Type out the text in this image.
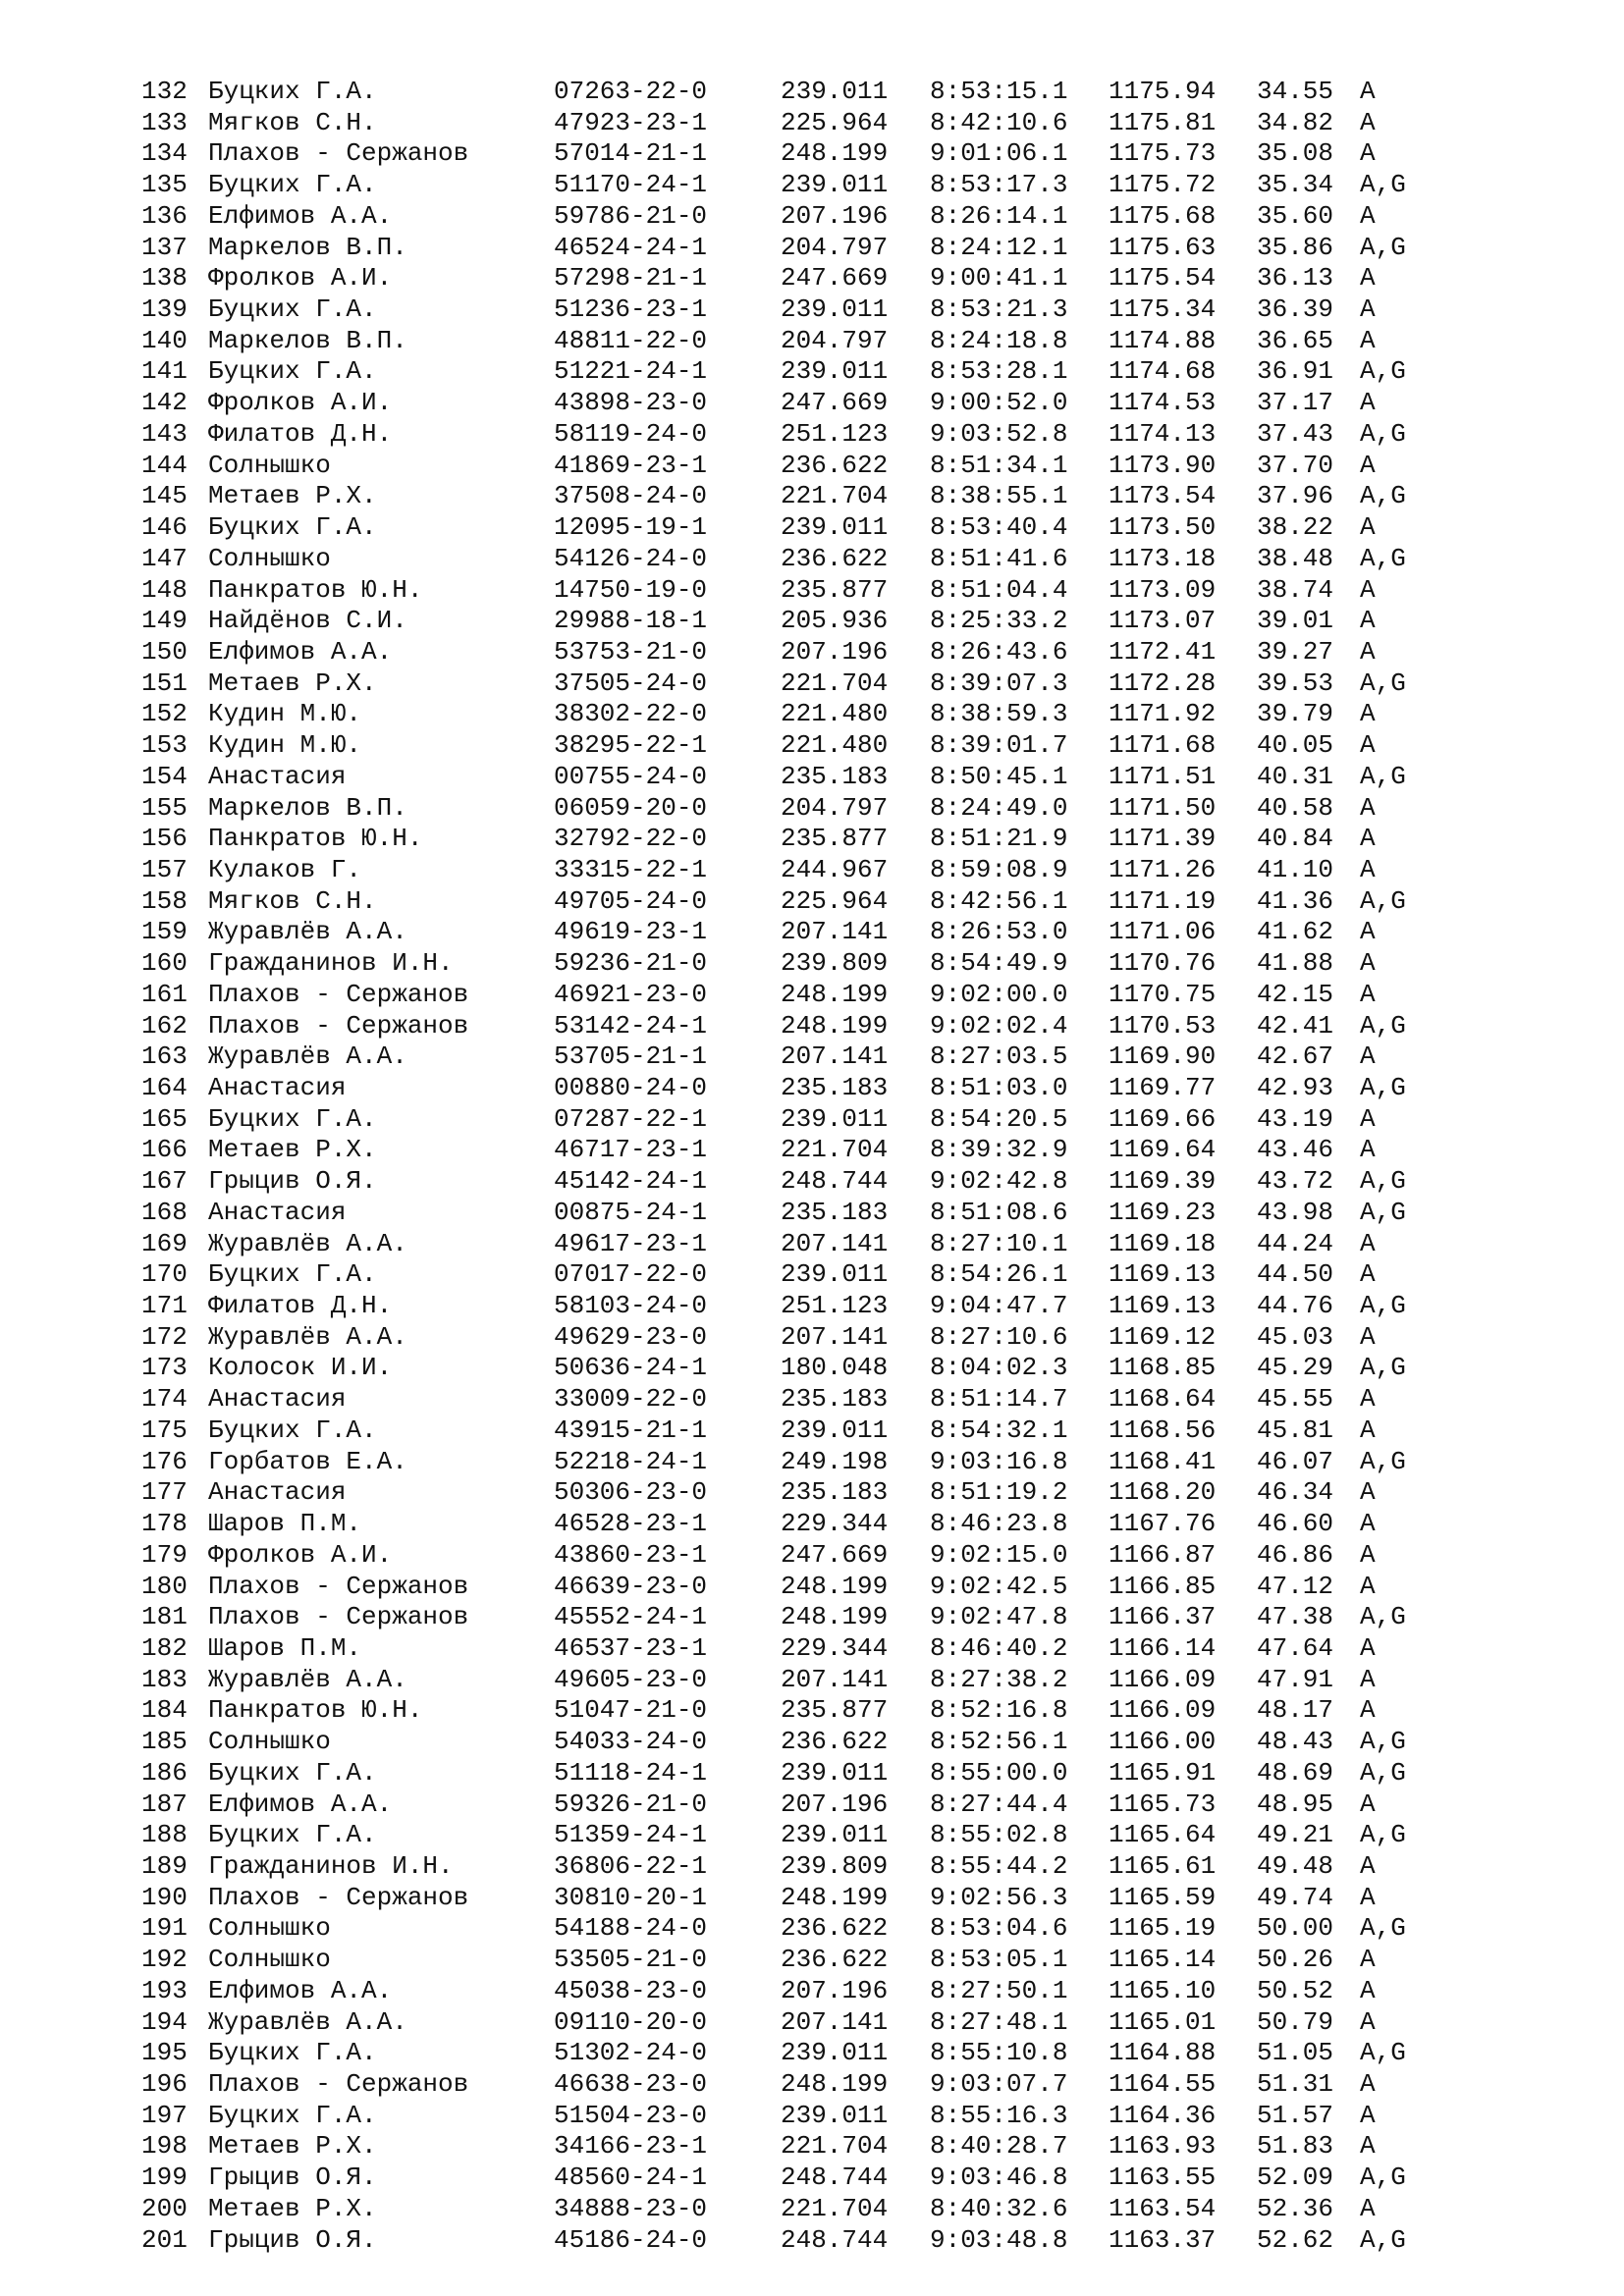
132 Буцких Г.А.	07263-22-0	239.011 8:53:15.1 1175.94 34.55 A
133 Мягков С.Н.	47923-23-1	225.964 8:42:10.6 1175.81 34.82 A
134 Плахов - Сержанов	57014-21-1	248.199 9:01:06.1 1175.73 35.08 A
135 Буцких Г.А.	51170-24-1	239.011 8:53:17.3 1175.72 35.34 A,G
136 Елфимов А.А.	59786-21-0	207.196 8:26:14.1 1175.68 35.60 A
137 Маркелов В.П.	46524-24-1	204.797 8:24:12.1 1175.63 35.86 A,G
138 Фролков А.И.	57298-21-1	247.669 9:00:41.1 1175.54 36.13 A
139 Буцких Г.А.	51236-23-1	239.011 8:53:21.3 1175.34 36.39 A
140 Маркелов В.П.	48811-22-0	204.797 8:24:18.8 1174.88 36.65 A
141 Буцких Г.А.	51221-24-1	239.011 8:53:28.1 1174.68 36.91 A,G
142 Фролков А.И.	43898-23-0	247.669 9:00:52.0 1174.53 37.17 A
143 Филатов Д.Н.	58119-24-0	251.123 9:03:52.8 1174.13 37.43 A,G
144 Солнышко	41869-23-1	236.622 8:51:34.1 1173.90 37.70 A
145 Метаев Р.Х.	37508-24-0	221.704 8:38:55.1 1173.54 37.96 A,G
146 Буцких Г.А.	12095-19-1	239.011 8:53:40.4 1173.50 38.22 A
147 Солнышко	54126-24-0	236.622 8:51:41.6 1173.18 38.48 A,G
148 Панкратов Ю.Н.	14750-19-0	235.877 8:51:04.4 1173.09 38.74 A
149 Найдёнов С.И.	29988-18-1	205.936 8:25:33.2 1173.07 39.01 A
150 Елфимов А.А.	53753-21-0	207.196 8:26:43.6 1172.41 39.27 A
151 Метаев Р.Х.	37505-24-0	221.704 8:39:07.3 1172.28 39.53 A,G
152 Кудин М.Ю.	38302-22-0	221.480 8:38:59.3 1171.92 39.79 A
153 Кудин М.Ю.	38295-22-1	221.480 8:39:01.7 1171.68 40.05 A
154 Анастасия	00755-24-0	235.183 8:50:45.1 1171.51 40.31 A,G
155 Маркелов В.П.	06059-20-0	204.797 8:24:49.0 1171.50 40.58 A
156 Панкратов Ю.Н.	32792-22-0	235.877 8:51:21.9 1171.39 40.84 A
157 Кулаков Г.	33315-22-1	244.967 8:59:08.9 1171.26 41.10 A
158 Мягков С.Н.	49705-24-0	225.964 8:42:56.1 1171.19 41.36 A,G
159 Журавлёв А.А.	49619-23-1	207.141 8:26:53.0 1171.06 41.62 A
160 Гражданинов И.Н.	59236-21-0	239.809 8:54:49.9 1170.76 41.88 A
161 Плахов - Сержанов	46921-23-0	248.199 9:02:00.0 1170.75 42.15 A
162 Плахов - Сержанов	53142-24-1	248.199 9:02:02.4 1170.53 42.41 A,G
163 Журавлёв А.А.	53705-21-1	207.141 8:27:03.5 1169.90 42.67 A
164 Анастасия	00880-24-0	235.183 8:51:03.0 1169.77 42.93 A,G
165 Буцких Г.А.	07287-22-1	239.011 8:54:20.5 1169.66 43.19 A
166 Метаев Р.Х.	46717-23-1	221.704 8:39:32.9 1169.64 43.46 A
167 Грыцив О.Я.	45142-24-1	248.744 9:02:42.8 1169.39 43.72 A,G
168 Анастасия	00875-24-1	235.183 8:51:08.6 1169.23 43.98 A,G
169 Журавлёв А.А.	49617-23-1	207.141 8:27:10.1 1169.18 44.24 A
170 Буцких Г.А.	07017-22-0	239.011 8:54:26.1 1169.13 44.50 A
171 Филатов Д.Н.	58103-24-0	251.123 9:04:47.7 1169.13 44.76 A,G
172 Журавлёв А.А.	49629-23-0	207.141 8:27:10.6 1169.12 45.03 A
173 Колосок И.И.	50636-24-1	180.048 8:04:02.3 1168.85 45.29 A,G
174 Анастасия	33009-22-0	235.183 8:51:14.7 1168.64 45.55 A
175 Буцких Г.А.	43915-21-1	239.011 8:54:32.1 1168.56 45.81 A
176 Горбатов Е.А.	52218-24-1	249.198 9:03:16.8 1168.41 46.07 A,G
177 Анастасия	50306-23-0	235.183 8:51:19.2 1168.20 46.34 A
178 Шаров П.М.	46528-23-1	229.344 8:46:23.8 1167.76 46.60 A
179 Фролков А.И.	43860-23-1	247.669 9:02:15.0 1166.87 46.86 A
180 Плахов - Сержанов	46639-23-0	248.199 9:02:42.5 1166.85 47.12 A
181 Плахов - Сержанов	45552-24-1	248.199 9:02:47.8 1166.37 47.38 A,G
182 Шаров П.М.	46537-23-1	229.344 8:46:40.2 1166.14 47.64 A
183 Журавлёв А.А.	49605-23-0	207.141 8:27:38.2 1166.09 47.91 A
184 Панкратов Ю.Н.	51047-21-0	235.877 8:52:16.8 1166.09 48.17 A
185 Солнышко	54033-24-0	236.622 8:52:56.1 1166.00 48.43 A,G
186 Буцких Г.А.	51118-24-1	239.011 8:55:00.0 1165.91 48.69 A,G
187 Елфимов А.А.	59326-21-0	207.196 8:27:44.4 1165.73 48.95 A
188 Буцких Г.А.	51359-24-1	239.011 8:55:02.8 1165.64 49.21 A,G
189 Гражданинов И.Н.	36806-22-1	239.809 8:55:44.2 1165.61 49.48 A
190 Плахов - Сержанов	30810-20-1	248.199 9:02:56.3 1165.59 49.74 A
191 Солнышко	54188-24-0	236.622 8:53:04.6 1165.19 50.00 A,G
192 Солнышко	53505-21-0	236.622 8:53:05.1 1165.14 50.26 A
193 Елфимов А.А.	45038-23-0	207.196 8:27:50.1 1165.10 50.52 A
194 Журавлёв А.А.	09110-20-0	207.141 8:27:48.1 1165.01 50.79 A
195 Буцких Г.А.	51302-24-0	239.011 8:55:10.8 1164.88 51.05 A,G
196 Плахов - Сержанов	46638-23-0	248.199 9:03:07.7 1164.55 51.31 A
197 Буцких Г.А.	51504-23-0	239.011 8:55:16.3 1164.36 51.57 A
198 Метаев Р.Х.	34166-23-1	221.704 8:40:28.7 1163.93 51.83 A
199 Грыцив О.Я.	48560-24-1	248.744 9:03:46.8 1163.55 52.09 A,G
200 Метаев Р.Х.	34888-23-0	221.704 8:40:32.6 1163.54 52.36 A
201 Грыцив О.Я.	45186-24-0	248.744 9:03:48.8 1163.37 52.62 A,G
